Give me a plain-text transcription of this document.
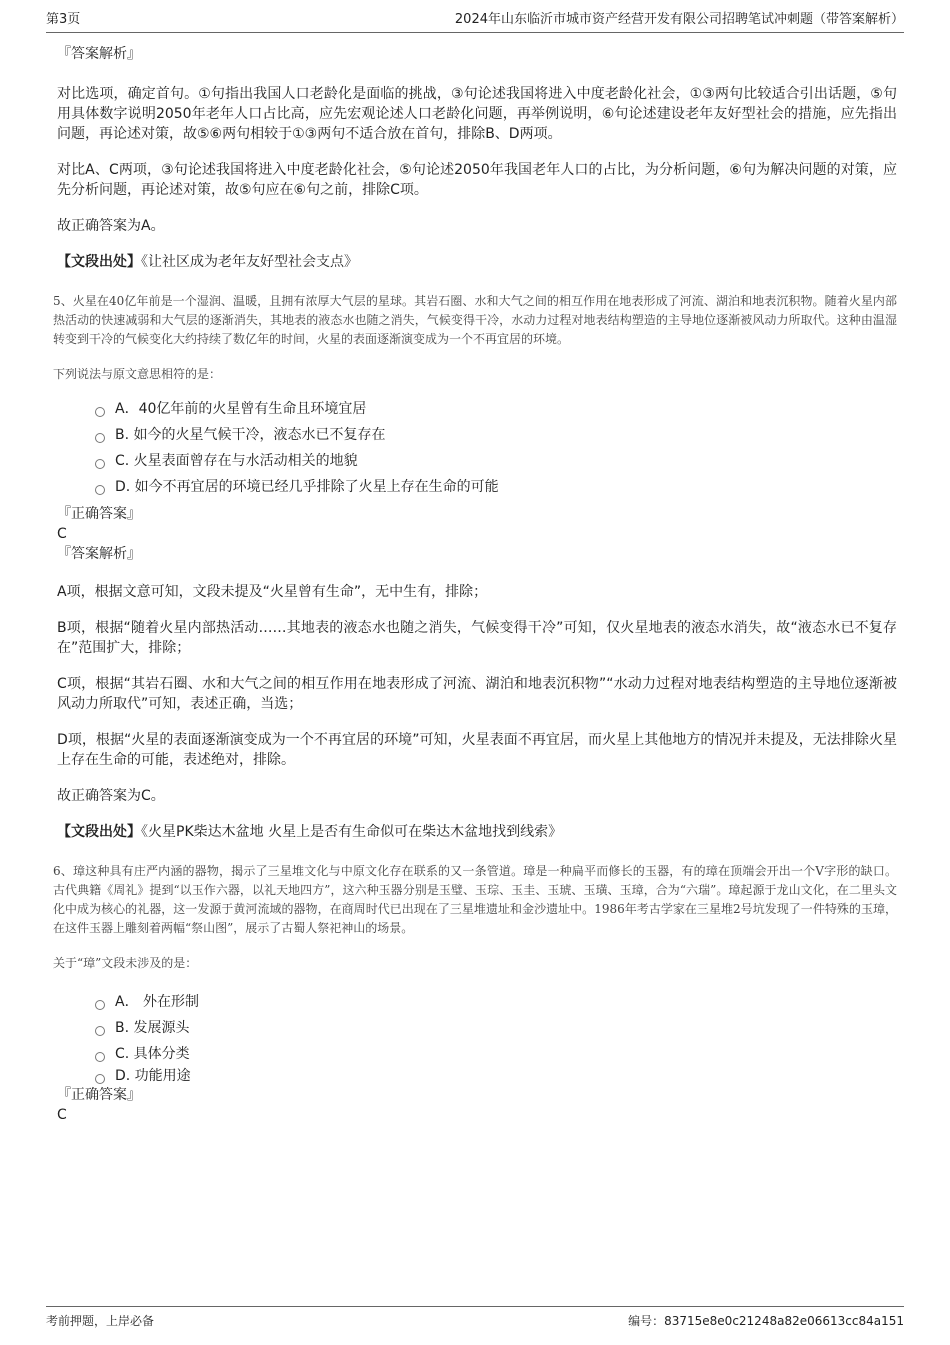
第3页	2024年山东临沂市城市资产经营开发有限公司招聘笔试冲刺题（带答案解析）

『答案解析』

对比选项，确定首句。①句指出我国人口老龄化是面临的挑战，③句论述我国将进入中度老龄化社会，①③两句比较适合引出话题，⑤句用具体数字说明2050年老年人口占比高，应先宏观论述人口老龄化问题，再举例说明，⑥句论述建设老年友好型社会的措施，应先指出问题，再论述对策，故⑤⑥两句相较于①③两句不适合放在首句，排除B、D两项。

对比A、C两项，③句论述我国将进入中度老龄化社会，⑤句论述2050年我国老年人口的占比，为分析问题，⑥句为解决问题的对策，应先分析问题，再论述对策，故⑤句应在⑥句之前，排除C项。

故正确答案为A。

【文段出处】《让社区成为老年友好型社会支点》

5、火星在40亿年前是一个湿润、温暖，且拥有浓厚大气层的星球。其岩石圈、水和大气之间的相互作用在地表形成了河流、湖泊和地表沉积物。随着火星内部热活动的快速减弱和大气层的逐渐消失，其地表的液态水也随之消失，气候变得干冷，水动力过程对地表结构塑造的主导地位逐渐被风动力所取代。这种由温湿转变到干冷的气候变化大约持续了数亿年的时间，火星的表面逐渐演变成为一个不再宜居的环境。

下列说法与原文意思相符的是：

A．40亿年前的火星曾有生命且环境宜居
B. 如今的火星气候干冷，液态水已不复存在
C. 火星表面曾存在与水活动相关的地貌
D. 如今不再宜居的环境已经几乎排除了火星上存在生命的可能

『正确答案』

C

『答案解析』

A项，根据文意可知，文段未提及“火星曾有生命”，无中生有，排除；

B项，根据“随着火星内部热活动……其地表的液态水也随之消失，气候变得干冷”可知，仅火星地表的液态水消失，故“液态水已不复存在”范围扩大，排除；

C项，根据“其岩石圈、水和大气之间的相互作用在地表形成了河流、湖泊和地表沉积物”“水动力过程对地表结构塑造的主导地位逐渐被风动力所取代”可知，表述正确，当选；

D项，根据“火星的表面逐渐演变成为一个不再宜居的环境”可知，火星表面不再宜居，而火星上其他地方的情况并未提及，无法排除火星上存在生命的可能，表述绝对，排除。

故正确答案为C。

【文段出处】《火星PK柴达木盆地 火星上是否有生命似可在柴达木盆地找到线索》

6、璋这种具有庄严内涵的器物，揭示了三星堆文化与中原文化存在联系的又一条管道。璋是一种扁平而修长的玉器，有的璋在顶端会开出一个V字形的缺口。古代典籍《周礼》提到“以玉作六器，以礼天地四方”，这六种玉器分别是玉璧、玉琮、玉圭、玉琥、玉璜、玉璋，合为“六瑞”。璋起源于龙山文化，在二里头文化中成为核心的礼器，这一发源于黄河流域的器物，在商周时代已出现在了三星堆遗址和金沙遗址中。1986年考古学家在三星堆2号坑发现了一件特殊的玉璋，在这件玉器上雕刻着两幅“祭山图”，展示了古蜀人祭祀神山的场景。

关于“璋”文段未涉及的是：

A． 外在形制
B. 发展源头
C. 具体分类
D. 功能用途

『正确答案』

C

考前押题，上岸必备	编号：83715e8e0c21248a82e06613cc84a151
